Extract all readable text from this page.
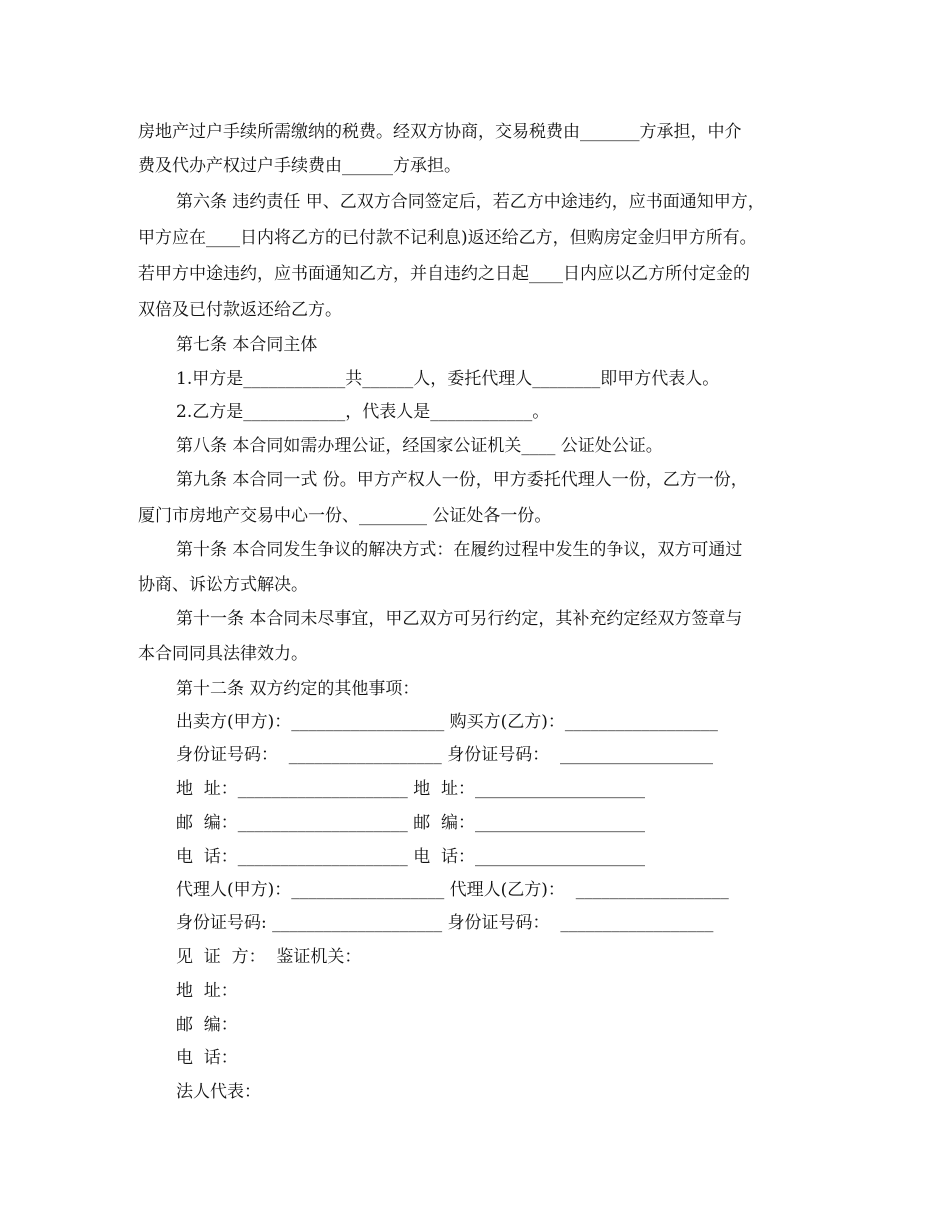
房地产过户手续所需缴纳的税费。经双方协商，交易税费由_______方承担，中介
费及代办产权过户手续费由______方承担。
第六条 违约责任 甲、乙双方合同签定后，若乙方中途违约，应书面通知甲方，
甲方应在____日内将乙方的已付款不记利息)返还给乙方，但购房定金归甲方所有。
若甲方中途违约，应书面通知乙方，并自违约之日起____日内应以乙方所付定金的
双倍及已付款返还给乙方。
第七条 本合同主体
1.甲方是____________共______人，委托代理人________即甲方代表人。
2.乙方是____________，代表人是____________。
第八条 本合同如需办理公证，经国家公证机关____ 公证处公证。
第九条 本合同一式 份。甲方产权人一份，甲方委托代理人一份，乙方一份，
厦门市房地产交易中心一份、________ 公证处各一份。
第十条 本合同发生争议的解决方式：在履约过程中发生的争议，双方可通过
协商、诉讼方式解决。
第十一条 本合同未尽事宜，甲乙双方可另行约定，其补充约定经双方签章与
本合同同具法律效力。
第十二条 双方约定的其他事项：
出卖方(甲方)：__________________ 购买方(乙方)：__________________
身份证号码：  __________________ 身份证号码：  __________________
地  址：____________________ 地  址：____________________
邮  编：____________________ 邮  编：____________________
电  话：____________________ 电  话：____________________
代理人(甲方)：__________________ 代理人(乙方)：  __________________
身份证号码: ____________________ 身份证号码：  __________________
见  证  方：  鉴证机关：
地  址：
邮  编：
电  话：
法人代表：
